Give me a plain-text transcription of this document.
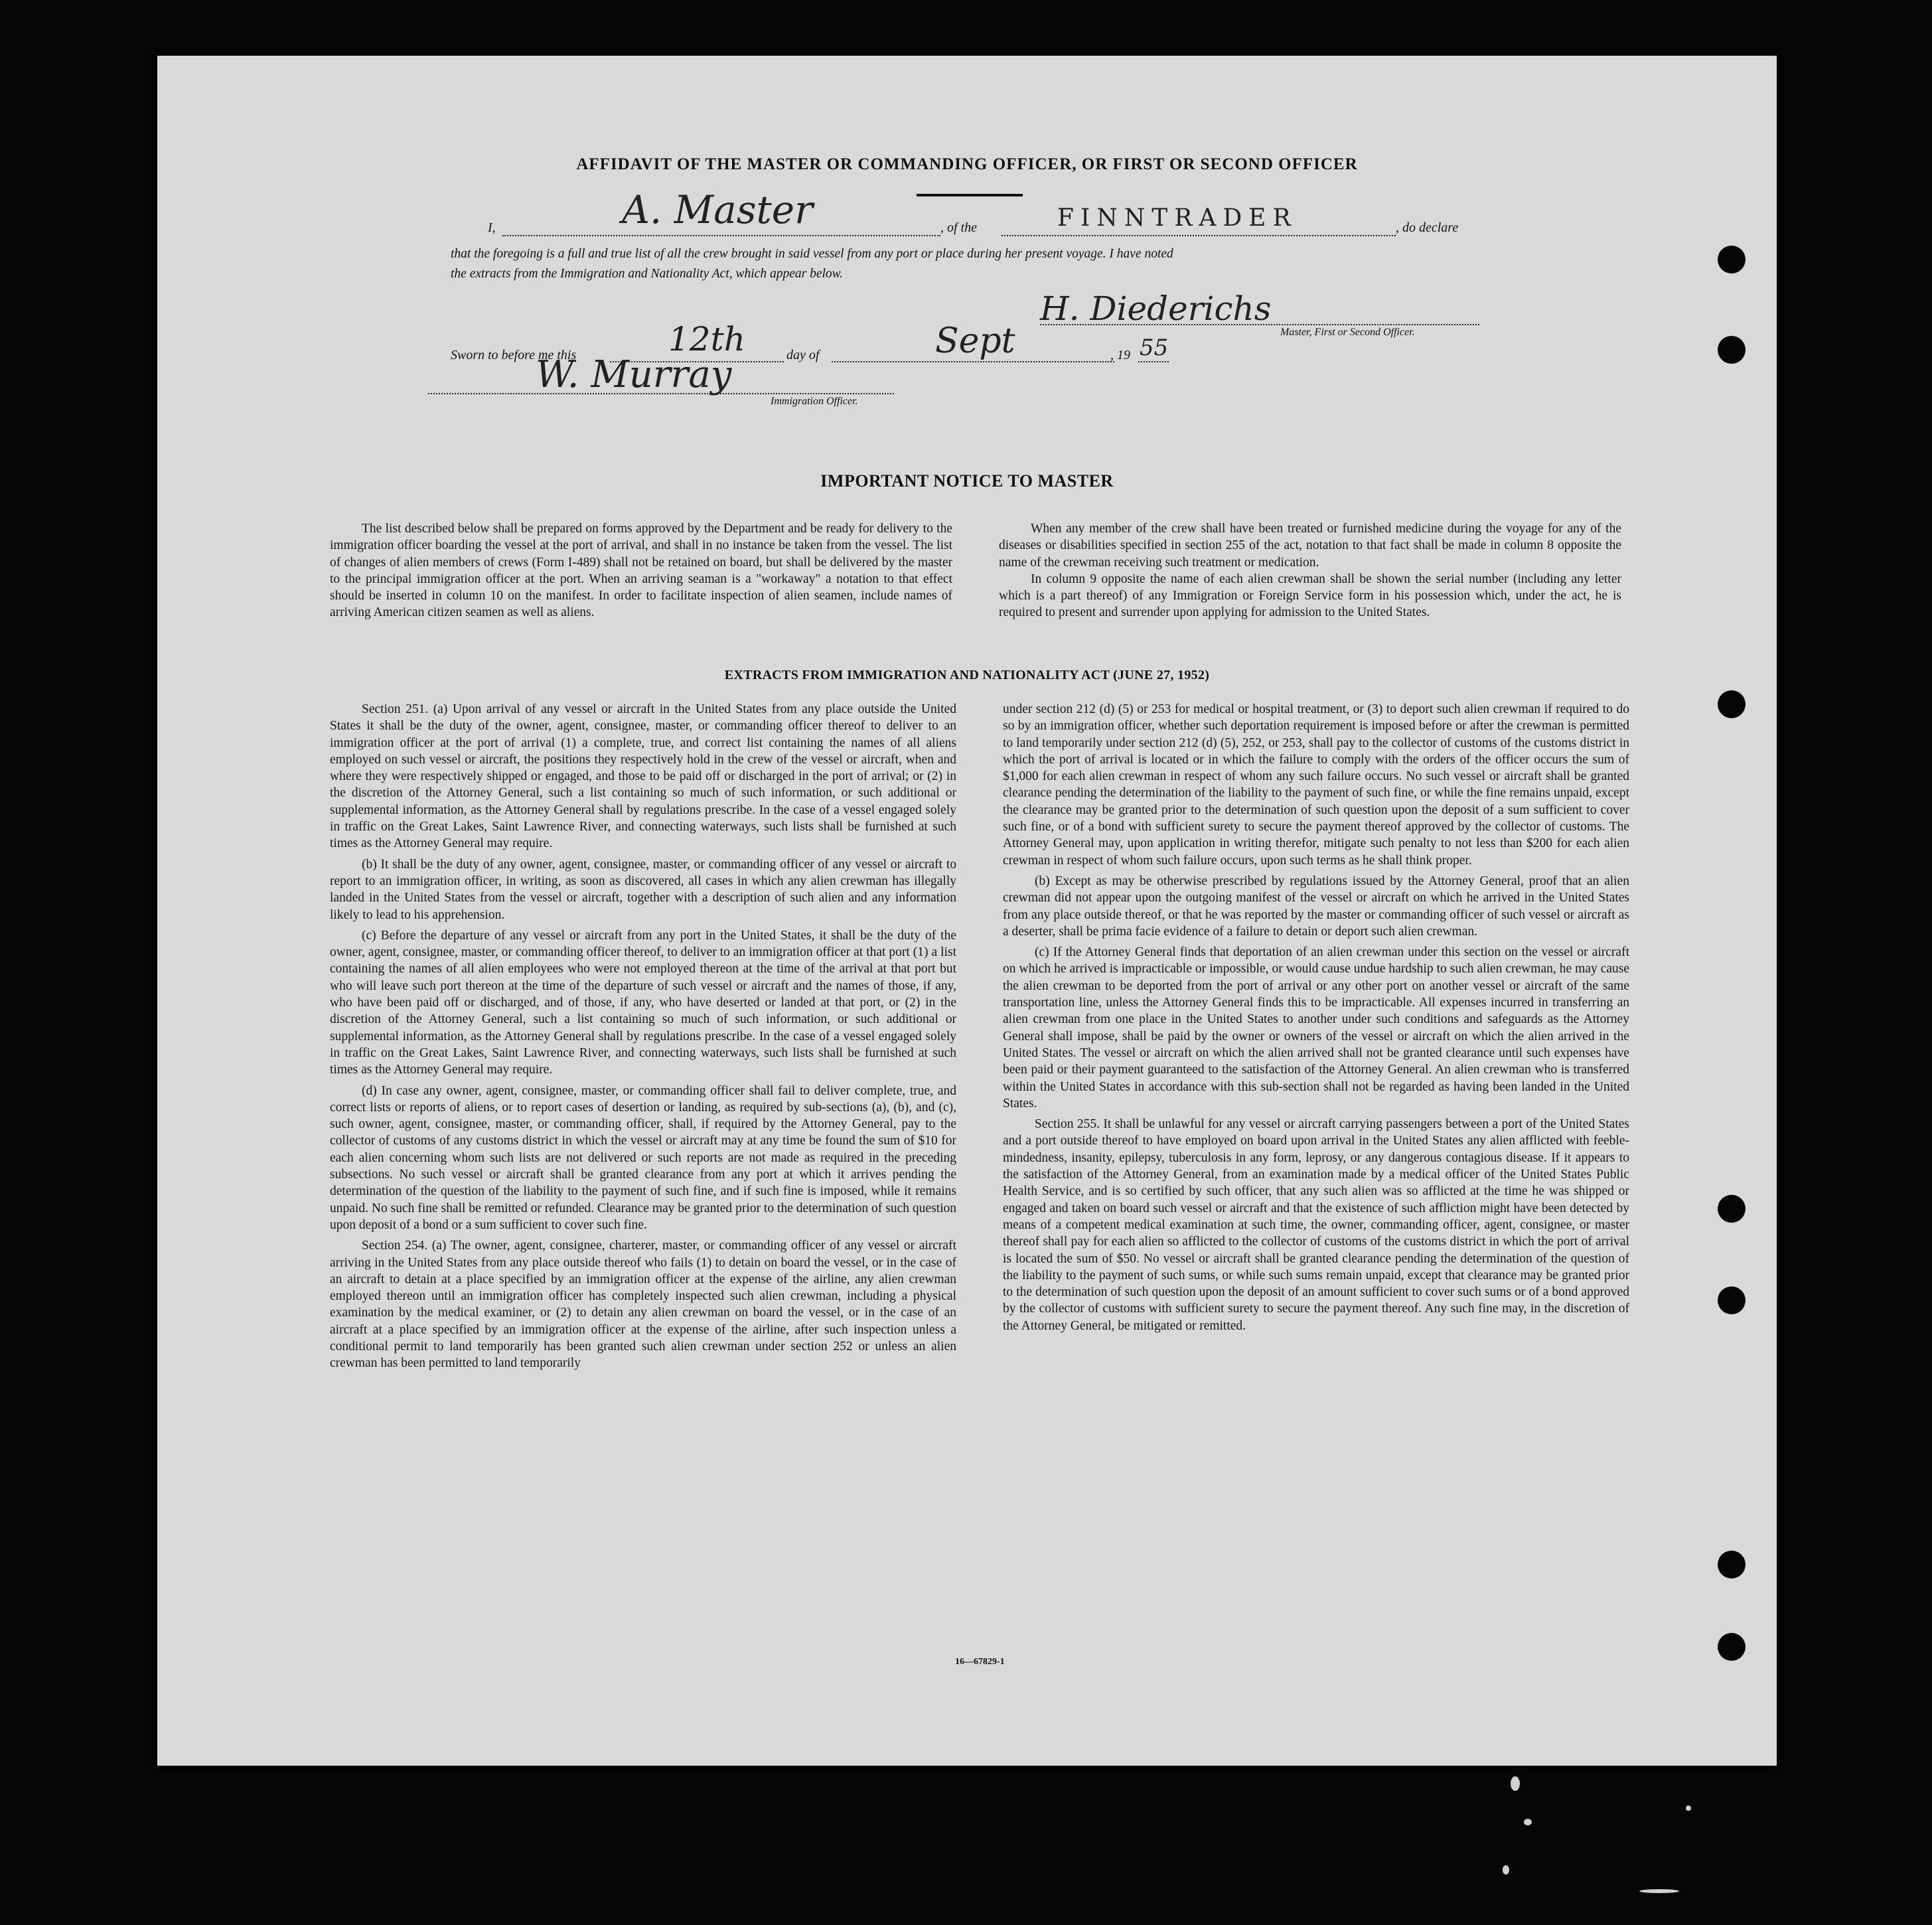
AFFIDAVIT OF THE MASTER OR COMMANDING OFFICER, OR FIRST OR SECOND OFFICER
I,	A. Master	, of the	FINNTRADER	, do declare
that the foregoing is a full and true list of all the crew brought in said vessel from any port or place during her present voyage. I have noted
the extracts from the Immigration and Nationality Act, which appear below.
H. Diederichs
Master, First or Second Officer.
Sworn to before me this	12th	day of	Sept	, 19 55
W. Murray
Immigration Officer.
IMPORTANT NOTICE TO MASTER

The list described below shall be prepared on forms approved by the Department and be ready for delivery to the immigration officer boarding the vessel at the port of arrival, and shall in no instance be taken from the vessel. The list of changes of alien members of crews (Form I-489) shall not be retained on board, but shall be delivered by the master to the principal immigration officer at the port. When an arriving seaman is a "workaway" a notation to that effect should be inserted in column 10 on the manifest. In order to facilitate inspection of alien seamen, include names of arriving American citizen seamen as well as aliens.

When any member of the crew shall have been treated or furnished medicine during the voyage for any of the diseases or disabilities specified in section 255 of the act, notation to that fact shall be made in column 8 opposite the name of the crewman receiving such treatment or medication.

In column 9 opposite the name of each alien crewman shall be shown the serial number (including any letter which is a part thereof) of any Immigration or Foreign Service form in his possession which, under the act, he is required to present and surrender upon applying for admission to the United States.

EXTRACTS FROM IMMIGRATION AND NATIONALITY ACT (JUNE 27, 1952)

Section 251. (a) Upon arrival of any vessel or aircraft in the United States from any place outside the United States it shall be the duty of the owner, agent, consignee, master, or commanding officer thereof to deliver to an immigration officer at the port of arrival (1) a complete, true, and correct list containing the names of all aliens employed on such vessel or aircraft, the positions they respectively hold in the crew of the vessel or aircraft, when and where they were respectively shipped or engaged, and those to be paid off or discharged in the port of arrival; or (2) in the discretion of the Attorney General, such a list containing so much of such information, or such additional or supplemental information, as the Attorney General shall by regulations prescribe. In the case of a vessel engaged solely in traffic on the Great Lakes, Saint Lawrence River, and connecting waterways, such lists shall be furnished at such times as the Attorney General may require.

(b) It shall be the duty of any owner, agent, consignee, master, or commanding officer of any vessel or aircraft to report to an immigration officer, in writing, as soon as discovered, all cases in which any alien crewman has illegally landed in the United States from the vessel or aircraft, together with a description of such alien and any information likely to lead to his apprehension.

(c) Before the departure of any vessel or aircraft from any port in the United States, it shall be the duty of the owner, agent, consignee, master, or commanding officer thereof, to deliver to an immigration officer at that port (1) a list containing the names of all alien employees who were not employed thereon at the time of the arrival at that port but who will leave such port thereon at the time of the departure of such vessel or aircraft and the names of those, if any, who have been paid off or discharged, and of those, if any, who have deserted or landed at that port, or (2) in the discretion of the Attorney General, such a list containing so much of such information, or such additional or supplemental information, as the Attorney General shall by regulations prescribe. In the case of a vessel engaged solely in traffic on the Great Lakes, Saint Lawrence River, and connecting waterways, such lists shall be furnished at such times as the Attorney General may require.

(d) In case any owner, agent, consignee, master, or commanding officer shall fail to deliver complete, true, and correct lists or reports of aliens, or to report cases of desertion or landing, as required by sub-sections (a), (b), and (c), such owner, agent, consignee, master, or commanding officer, shall, if required by the Attorney General, pay to the collector of customs of any customs district in which the vessel or aircraft may at any time be found the sum of $10 for each alien concerning whom such lists are not delivered or such reports are not made as required in the preceding subsections. No such vessel or aircraft shall be granted clearance from any port at which it arrives pending the determination of the question of the liability to the payment of such fine, and if such fine is imposed, while it remains unpaid. No such fine shall be remitted or refunded. Clearance may be granted prior to the determination of such question upon deposit of a bond or a sum sufficient to cover such fine.

Section 254. (a) The owner, agent, consignee, charterer, master, or commanding officer of any vessel or aircraft arriving in the United States from any place outside thereof who fails (1) to detain on board the vessel, or in the case of an aircraft to detain at a place specified by an immigration officer at the expense of the airline, any alien crewman employed thereon until an immigration officer has completely inspected such alien crewman, including a physical examination by the medical examiner, or (2) to detain any alien crewman on board the vessel, or in the case of an aircraft at a place specified by an immigration officer at the expense of the airline, after such inspection unless a conditional permit to land temporarily has been granted such alien crewman under section 252 or unless an alien crewman has been permitted to land temporarily

under section 212 (d) (5) or 253 for medical or hospital treatment, or (3) to deport such alien crewman if required to do so by an immigration officer, whether such deportation requirement is imposed before or after the crewman is permitted to land temporarily under section 212 (d) (5), 252, or 253, shall pay to the collector of customs of the customs district in which the port of arrival is located or in which the failure to comply with the orders of the officer occurs the sum of $1,000 for each alien crewman in respect of whom any such failure occurs. No such vessel or aircraft shall be granted clearance pending the determination of the liability to the payment of such fine, or while the fine remains unpaid, except the clearance may be granted prior to the determination of such question upon the deposit of a sum sufficient to cover such fine, or of a bond with sufficient surety to secure the payment thereof approved by the collector of customs. The Attorney General may, upon application in writing therefor, mitigate such penalty to not less than $200 for each alien crewman in respect of whom such failure occurs, upon such terms as he shall think proper.

(b) Except as may be otherwise prescribed by regulations issued by the Attorney General, proof that an alien crewman did not appear upon the outgoing manifest of the vessel or aircraft on which he arrived in the United States from any place outside thereof, or that he was reported by the master or commanding officer of such vessel or aircraft as a deserter, shall be prima facie evidence of a failure to detain or deport such alien crewman.

(c) If the Attorney General finds that deportation of an alien crewman under this section on the vessel or aircraft on which he arrived is impracticable or impossible, or would cause undue hardship to such alien crewman, he may cause the alien crewman to be deported from the port of arrival or any other port on another vessel or aircraft of the same transportation line, unless the Attorney General finds this to be impracticable. All expenses incurred in transferring an alien crewman from one place in the United States to another under such conditions and safeguards as the Attorney General shall impose, shall be paid by the owner or owners of the vessel or aircraft on which the alien arrived in the United States. The vessel or aircraft on which the alien arrived shall not be granted clearance until such expenses have been paid or their payment guaranteed to the satisfaction of the Attorney General. An alien crewman who is transferred within the United States in accordance with this sub-section shall not be regarded as having been landed in the United States.

Section 255. It shall be unlawful for any vessel or aircraft carrying passengers between a port of the United States and a port outside thereof to have employed on board upon arrival in the United States any alien afflicted with feeble-mindedness, insanity, epilepsy, tuberculosis in any form, leprosy, or any dangerous contagious disease. If it appears to the satisfaction of the Attorney General, from an examination made by a medical officer of the United States Public Health Service, and is so certified by such officer, that any such alien was so afflicted at the time he was shipped or engaged and taken on board such vessel or aircraft and that the existence of such affliction might have been detected by means of a competent medical examination at such time, the owner, commanding officer, agent, consignee, or master thereof shall pay for each alien so afflicted to the collector of customs of the customs district in which the port of arrival is located the sum of $50. No vessel or aircraft shall be granted clearance pending the determination of the question of the liability to the payment of such sums, or while such sums remain unpaid, except that clearance may be granted prior to the determination of such question upon the deposit of an amount sufficient to cover such sums or of a bond approved by the collector of customs with sufficient surety to secure the payment thereof. Any such fine may, in the discretion of the Attorney General, be mitigated or remitted.

16—67829-1
